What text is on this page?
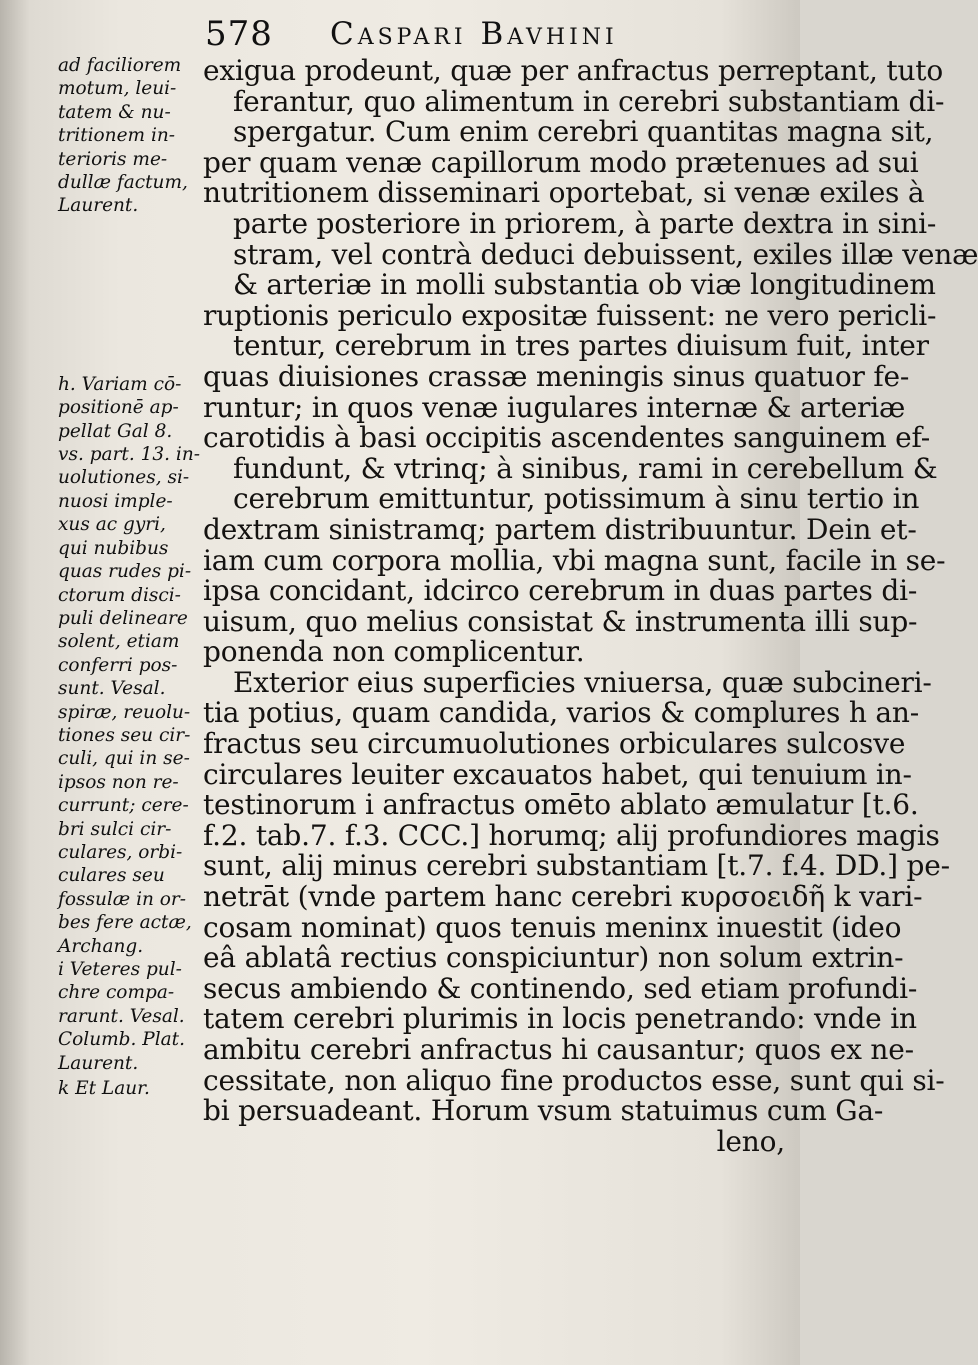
578 Caspari Bavhini
ad faciliorem
motum, leui-
tatem & nu-
tritionem in-
terioris me-
dullæ factum,
Laurent.
h. Variam cō-
positionē ap-
pellat Gal 8.
vs. part. 13. in-
uolutiones, si-
nuosi imple-
xus ac gyri,
qui nubibus
quas rudes pi-
ctorum disci-
puli delineare
solent, etiam
conferri pos-
sunt. Vesal.
spiræ, reuolu-
tiones seu cir-
culi, qui in se-
ipsos non re-
currunt; cere-
bri sulci cir-
culares, orbi-
culares seu
fossulæ in or-
bes fere actæ,
Archang.
i Veteres pul-
chre compa-
rarunt. Vesal.
Columb. Plat.
Laurent.
k Et Laur.
exigua prodeunt, quæ per anfractus perreptant, tuto
ferantur, quo alimentum in cerebri substantiam di-
spergatur. Cum enim cerebri quantitas magna sit,
per quam venæ capillorum modo prætenues ad sui
nutritionem disseminari oportebat, si venæ exiles à
parte posteriore in priorem, à parte dextra in sini-
stram, vel contrà deduci debuissent, exiles illæ venæ
& arteriæ in molli substantia ob viæ longitudinem
ruptionis periculo expositæ fuissent: ne vero pericli-
tentur, cerebrum in tres partes diuisum fuit, inter
quas diuisiones crassæ meningis sinus quatuor fe-
runtur; in quos venæ iugulares internæ & arteriæ
carotidis à basi occipitis ascendentes sanguinem ef-
fundunt, & vtrinq; à sinibus, rami in cerebellum &
cerebrum emittuntur, potissimum à sinu tertio in
dextram sinistramq; partem distribuuntur. Dein et-
iam cum corpora mollia, vbi magna sunt, facile in se-
ipsa concidant, idcirco cerebrum in duas partes di-
uisum, quo melius consistat & instrumenta illi sup-
ponenda non complicentur.
Exterior eius superficies vniuersa, quæ subcineri-
tia potius, quam candida, varios & complures h an-
fractus seu circumuolutiones orbiculares sulcosve
circulares leuiter excauatos habet, qui tenuium in-
testinorum i anfractus omēto ablato æmulatur [t.6.
f.2. tab.7. f.3. CCC.] horumq; alij profundiores magis
sunt, alij minus cerebri substantiam [t.7. f.4. DD.] pe-
netrāt (vnde partem hanc cerebri κυρσοειδῆ k vari-
cosam nominat) quos tenuis meninx inuestit (ideo
eâ ablatâ rectius conspiciuntur) non solum extrin-
secus ambiendo & continendo, sed etiam profundi-
tatem cerebri plurimis in locis penetrando: vnde in
ambitu cerebri anfractus hi causantur; quos ex ne-
cessitate, non aliquo fine productos esse, sunt qui si-
bi persuadeant. Horum vsum statuimus cum Ga-
leno,
